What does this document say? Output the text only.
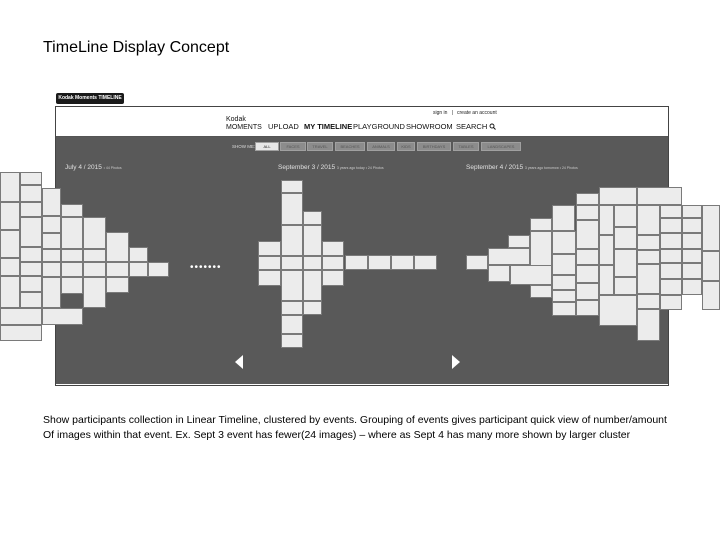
TimeLine Display Concept
Kodak Moments TIMELINE
sign in | create an account
Kodak
MOMENTS UPLOAD MY TIMELINE PLAYGROUND SHOWROOM SEARCH
SHOW ME:	ALL	FACES	TRAVEL	BEACHES	ANIMALS	KIDS	BIRTHDAYS	TABLES	LANDSCAPES
July 4 / 2015 • 44 Photos	September 3 / 2015 3 years ago today • 24 Photos	September 4 / 2015 3 years ago tomorrow • 24 Photos
•••••••
Show participants collection in Linear Timeline, clustered by events. Grouping of events gives participant quick view of number/amount
Of images within that event. Ex. Sept 3 event has fewer(24 images) – where as Sept 4 has many more shown by larger cluster
